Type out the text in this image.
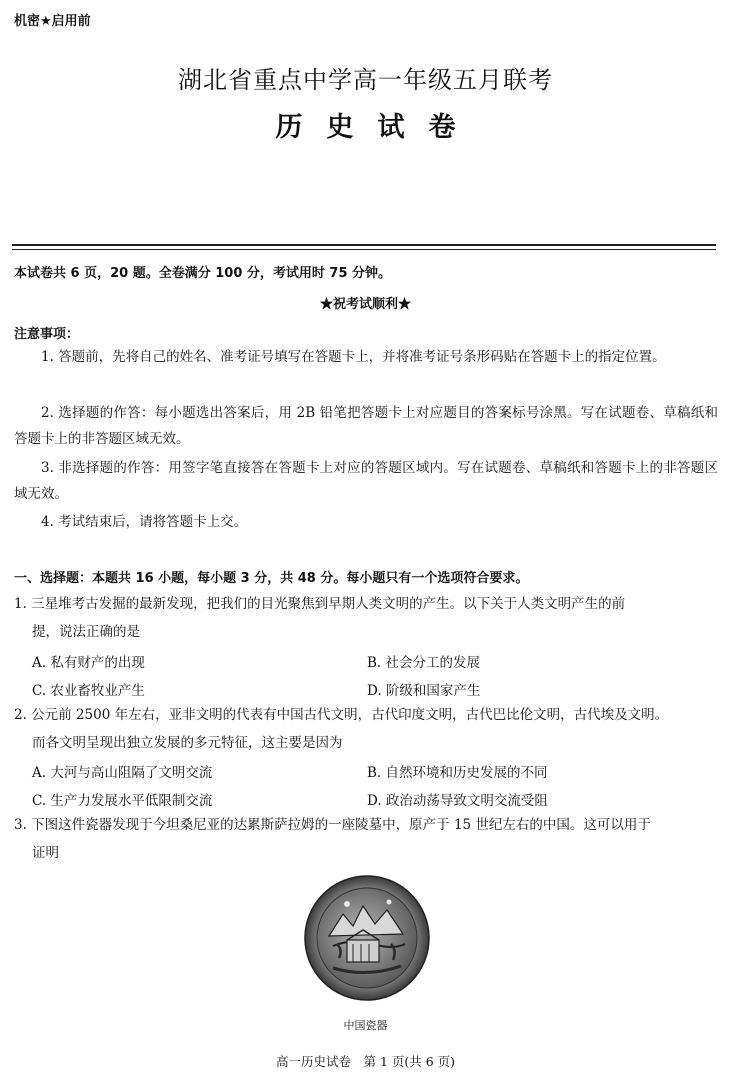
机密★启用前
湖北省重点中学高一年级五月联考
历史试卷
本试卷共 6 页，20 题。全卷满分 100 分，考试用时 75 分钟。
★祝考试顺利★
注意事项：
1. 答题前，先将自己的姓名、准考证号填写在答题卡上，并将准考证号条形码贴在答题卡上的指定位置。
2. 选择题的作答：每小题选出答案后，用 2B 铅笔把答题卡上对应题目的答案标号涂黑。写在试题卷、草稿纸和答题卡上的非答题区域无效。
3. 非选择题的作答：用签字笔直接答在答题卡上对应的答题区域内。写在试题卷、草稿纸和答题卡上的非答题区域无效。
4. 考试结束后，请将答题卡上交。
一、选择题：本题共 16 小题，每小题 3 分，共 48 分。每小题只有一个选项符合要求。
1. 三星堆考古发掘的最新发现，把我们的目光聚焦到早期人类文明的产生。以下关于人类文明产生的前
提，说法正确的是
A. 私有财产的出现	B. 社会分工的发展
C. 农业畜牧业产生	D. 阶级和国家产生
2. 公元前 2500 年左右，亚非文明的代表有中国古代文明，古代印度文明，古代巴比伦文明，古代埃及文明。
而各文明呈现出独立发展的多元特征，这主要是因为
A. 大河与高山阻隔了文明交流	B. 自然环境和历史发展的不同
C. 生产力发展水平低限制交流	D. 政治动荡导致文明交流受阻
3. 下图这件瓷器发现于今坦桑尼亚的达累斯萨拉姆的一座陵墓中，原产于 15 世纪左右的中国。这可以用于
证明
中国瓷器
高一历史试卷　第 1 页(共 6 页)
